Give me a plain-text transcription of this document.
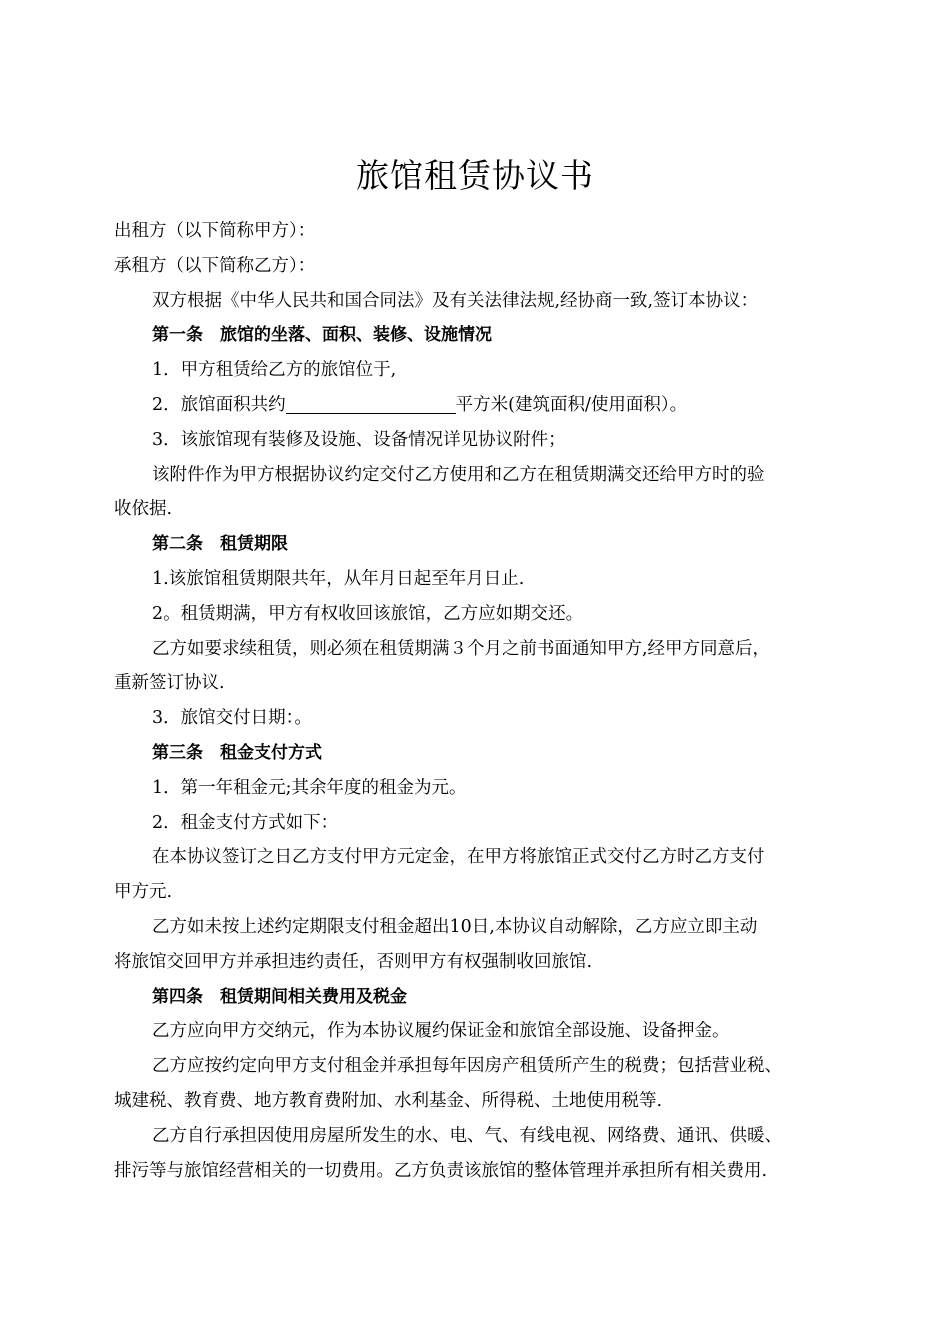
旅馆租赁协议书
出租方（以下简称甲方）：
承租方（以下简称乙方）：
双方根据《中华人民共和国合同法》及有关法律法规,经协商一致,签订本协议：
第一条　旅馆的坐落、面积、装修、设施情况
1．甲方租赁给乙方的旅馆位于,
2．旅馆面积共约	平方米(建筑面积/使用面积）。
3．该旅馆现有装修及设施、设备情况详见协议附件；
该附件作为甲方根据协议约定交付乙方使用和乙方在租赁期满交还给甲方时的验
收依据.
第二条　租赁期限
1.该旅馆租赁期限共年，从年月日起至年月日止.
2。租赁期满，甲方有权收回该旅馆，乙方应如期交还。
乙方如要求续租赁，则必须在租赁期满３个月之前书面通知甲方,经甲方同意后，
重新签订协议.
3．旅馆交付日期：。
第三条　租金支付方式
1．第一年租金元;其余年度的租金为元。
2．租金支付方式如下：
在本协议签订之日乙方支付甲方元定金，在甲方将旅馆正式交付乙方时乙方支付
甲方元.
乙方如未按上述约定期限支付租金超出10日,本协议自动解除，乙方应立即主动
将旅馆交回甲方并承担违约责任，否则甲方有权强制收回旅馆.
第四条　租赁期间相关费用及税金
乙方应向甲方交纳元，作为本协议履约保证金和旅馆全部设施、设备押金。
乙方应按约定向甲方支付租金并承担每年因房产租赁所产生的税费；包括营业税、
城建税、教育费、地方教育费附加、水利基金、所得税、土地使用税等.
乙方自行承担因使用房屋所发生的水、电、气、有线电视、网络费、通讯、供暖、
排污等与旅馆经营相关的一切费用。乙方负责该旅馆的整体管理并承担所有相关费用.
